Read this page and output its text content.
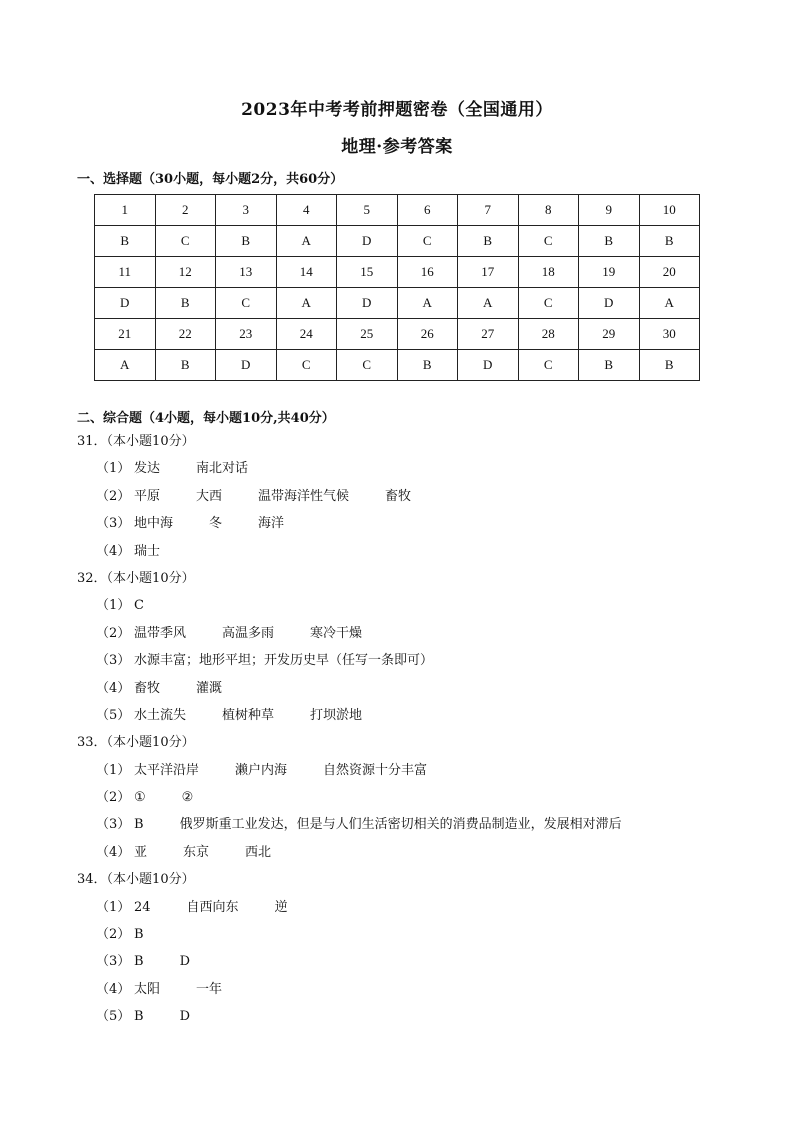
2023年中考考前押题密卷（全国通用）
地理·参考答案
一、选择题（30小题，每小题2分，共60分）
1	2	3	4	5	6	7	8	9	10
B	C	B	A	D	C	B	C	B	B
11	12	13	14	15	16	17	18	19	20
D	B	C	A	D	A	A	C	D	A
21	22	23	24	25	26	27	28	29	30
A	B	D	C	C	B	D	C	B	B
二、综合题（4小题，每小题10分,共40分）
31．（本小题10分）
（1） 发达	南北对话
（2） 平原	大西	温带海洋性气候	畜牧
（3） 地中海	冬	海洋
（4） 瑞士
32．（本小题10分）
（1） C
（2） 温带季风	高温多雨	寒冷干燥
（3） 水源丰富；地形平坦；开发历史早（任写一条即可）
（4） 畜牧	灌溉
（5） 水土流失	植树种草	打坝淤地
33．（本小题10分）
（1） 太平洋沿岸	濑户内海	自然资源十分丰富
（2） ①	②
（3） B	俄罗斯重工业发达，但是与人们生活密切相关的消费品制造业，发展相对滞后
（4） 亚	东京	西北
34．（本小题10分）
（1） 24	自西向东	逆
（2） B
（3） B	D
（4） 太阳	一年
（5） B	D
